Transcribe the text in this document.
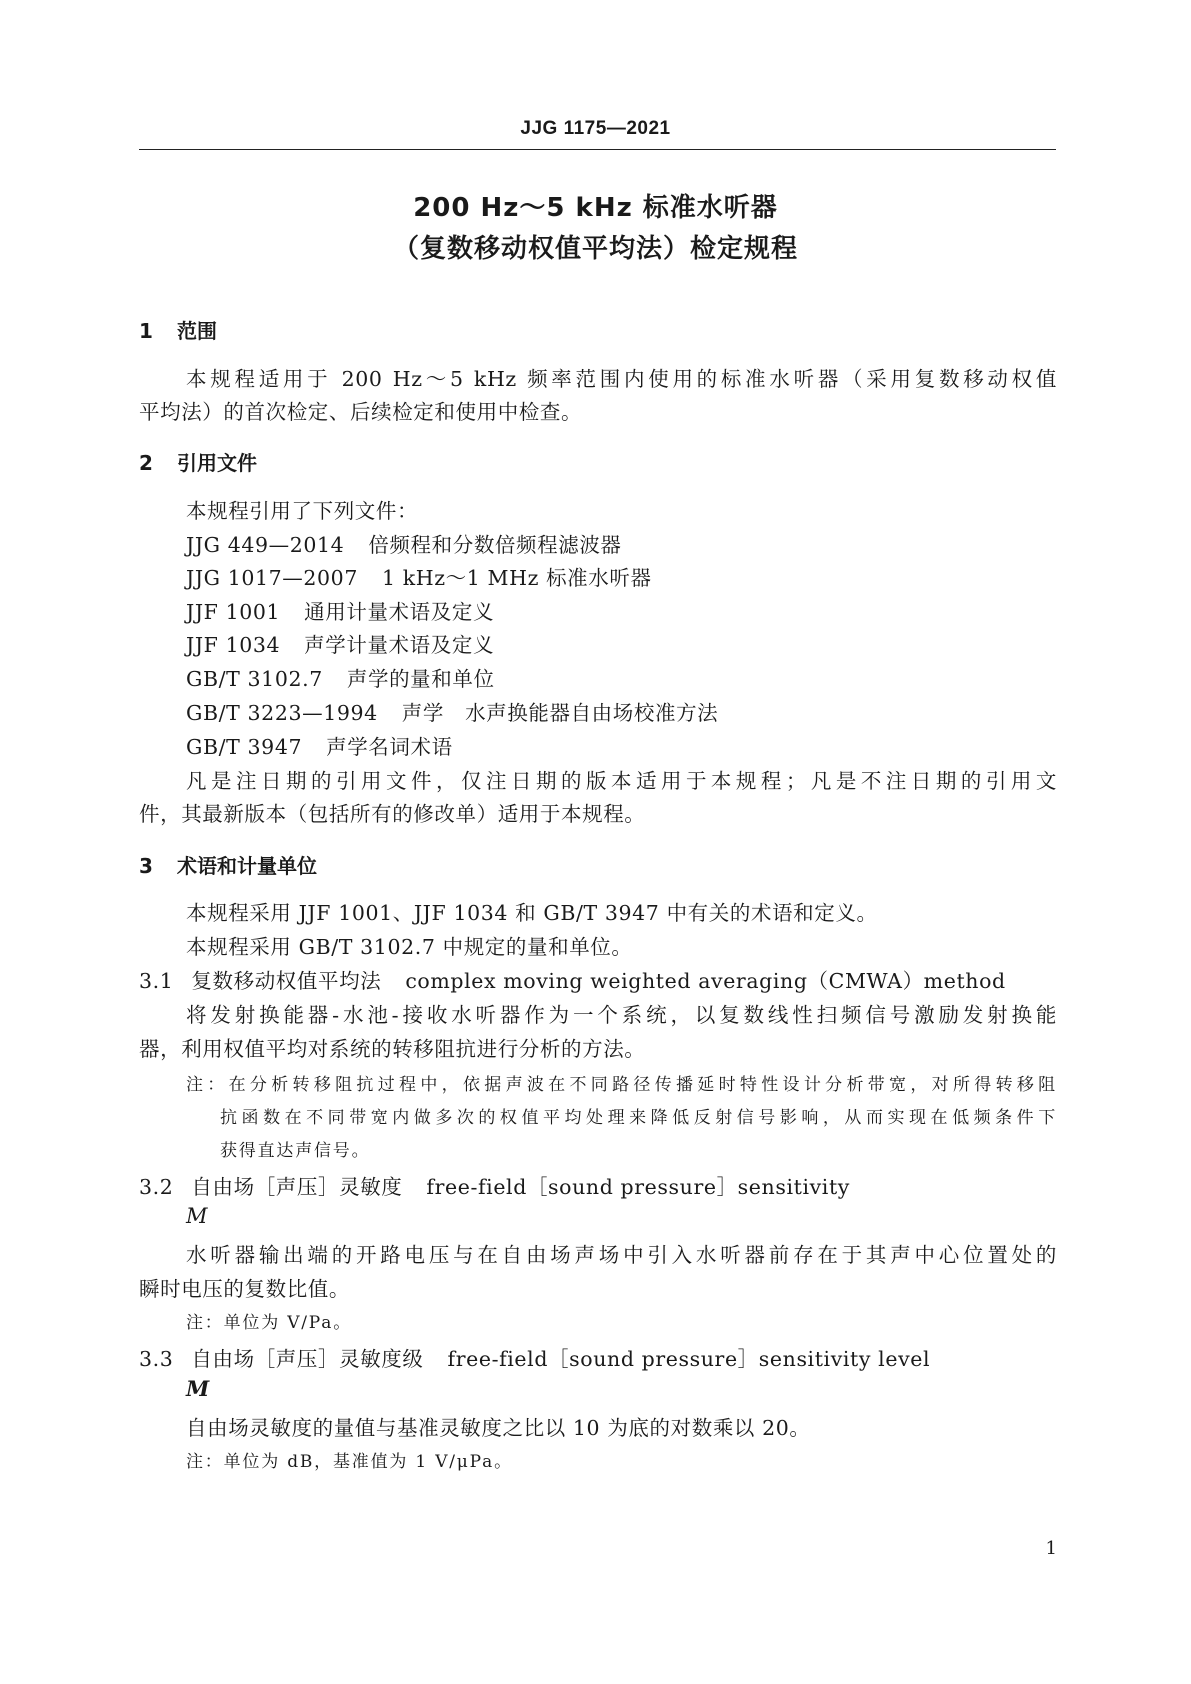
JJG 1175—2021
200 Hz～5 kHz 标准水听器
（复数移动权值平均法）检定规程
1 范围
本规程适用于 200 Hz～5 kHz 频率范围内使用的标准水听器（采用复数移动权值
平均法）的首次检定、后续检定和使用中检查。
2 引用文件
本规程引用了下列文件：
JJG 449—2014 倍频程和分数倍频程滤波器
JJG 1017—2007 1 kHz～1 MHz 标准水听器
JJF 1001 通用计量术语及定义
JJF 1034 声学计量术语及定义
GB/T 3102.7 声学的量和单位
GB/T 3223—1994 声学　水声换能器自由场校准方法
GB/T 3947 声学名词术语
凡是注日期的引用文件，仅注日期的版本适用于本规程；凡是不注日期的引用文
件，其最新版本（包括所有的修改单）适用于本规程。
3 术语和计量单位
本规程采用 JJF 1001、JJF 1034 和 GB/T 3947 中有关的术语和定义。
本规程采用 GB/T 3102.7 中规定的量和单位。
3.1 复数移动权值平均法 complex moving weighted averaging（CMWA）method
将发射换能器-水池-接收水听器作为一个系统，以复数线性扫频信号激励发射换能
器，利用权值平均对系统的转移阻抗进行分析的方法。
注：在分析转移阻抗过程中，依据声波在不同路径传播延时特性设计分析带宽，对所得转移阻
抗函数在不同带宽内做多次的权值平均处理来降低反射信号影响，从而实现在低频条件下
获得直达声信号。
3.2 自由场［声压］灵敏度 free-field［sound pressure］sensitivity
M
水听器输出端的开路电压与在自由场声场中引入水听器前存在于其声中心位置处的
瞬时电压的复数比值。
注：单位为 V/Pa。
3.3 自由场［声压］灵敏度级 free-field［sound pressure］sensitivity level
M
自由场灵敏度的量值与基准灵敏度之比以 10 为底的对数乘以 20。
注：单位为 dB，基准值为 1 V/μPa。
1
